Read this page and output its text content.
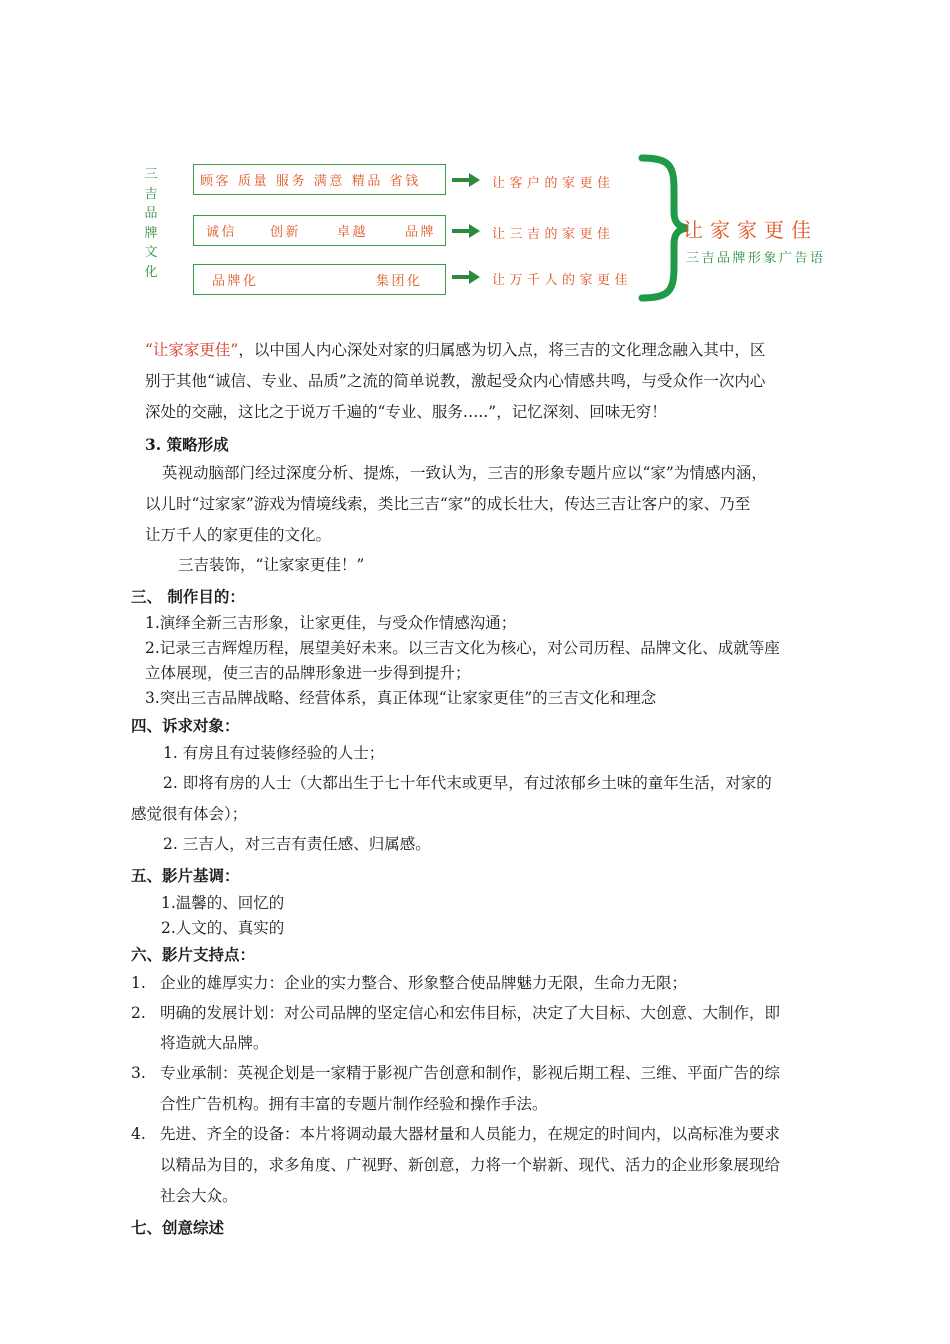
三
吉
品
牌
文
化
顾客 质量 服务 满意 精品 省钱	让客户的家更佳
诚信	创新	卓越	品牌	让三吉的家更佳
品牌化	集团化	让万千人的家更佳
让家家更佳
三吉品牌形象广告语
“让家家更佳”，以中国人内心深处对家的归属感为切入点，将三吉的文化理念融入其中，区
别于其他“诚信、专业、品质”之流的简单说教，激起受众内心情感共鸣，与受众作一次内心
深处的交融，这比之于说万千遍的“专业、服务…..”，记忆深刻、回味无穷！
3. 策略形成
英视动脑部门经过深度分析、提炼，一致认为，三吉的形象专题片应以“家”为情感内涵，
以儿时“过家家”游戏为情境线索，类比三吉“家”的成长壮大，传达三吉让客户的家、乃至
让万千人的家更佳的文化。
三吉装饰，“让家家更佳！”
三、 制作目的：
1.演绎全新三吉形象，让家更佳，与受众作情感沟通；
2.记录三吉辉煌历程，展望美好未来。以三吉文化为核心，对公司历程、品牌文化、成就等座
立体展现，使三吉的品牌形象进一步得到提升；
3.突出三吉品牌战略、经营体系，真正体现“让家家更佳”的三吉文化和理念
四、诉求对象：
1. 有房且有过装修经验的人士；
2. 即将有房的人士（大都出生于七十年代末或更早，有过浓郁乡土味的童年生活，对家的
感觉很有体会）；
2. 三吉人，对三吉有责任感、归属感。
五、影片基调：
1.温馨的、回忆的
2.人文的、真实的
六、影片支持点：
1. 企业的雄厚实力：企业的实力整合、形象整合使品牌魅力无限，生命力无限；
2. 明确的发展计划：对公司品牌的坚定信心和宏伟目标，决定了大目标、大创意、大制作，即
将造就大品牌。
3. 专业承制：英视企划是一家精于影视广告创意和制作，影视后期工程、三维、平面广告的综
合性广告机构。拥有丰富的专题片制作经验和操作手法。
4. 先进、齐全的设备：本片将调动最大器材量和人员能力，在规定的时间内，以高标准为要求
以精品为目的，求多角度、广视野、新创意，力将一个崭新、现代、活力的企业形象展现给
社会大众。
七、创意综述
